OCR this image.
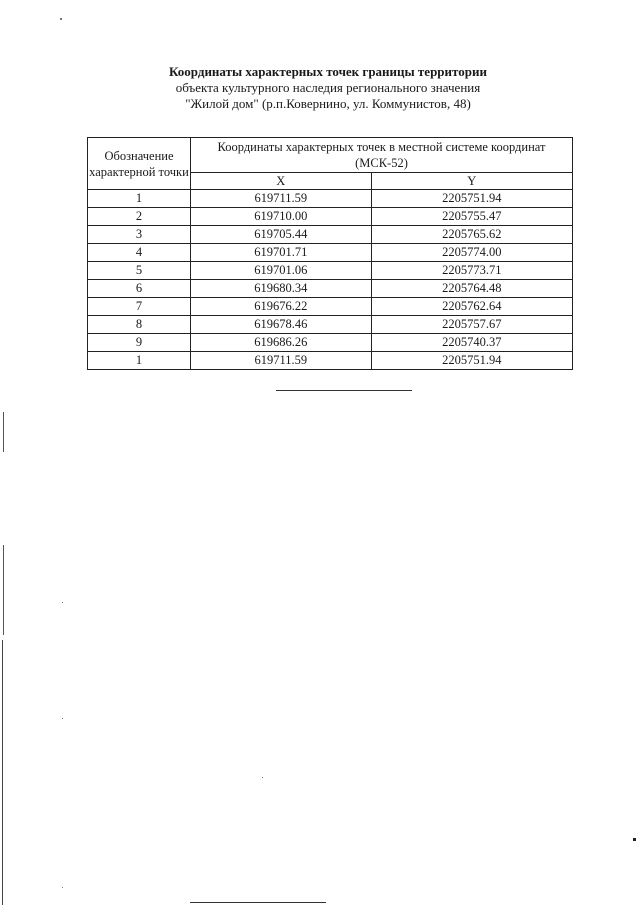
Координаты характерных точек границы территории
объекта культурного наследия регионального значения
"Жилой дом" (р.п.Ковернино, ул. Коммунистов, 48)
Обозначение характерной точки	Координаты характерных точек в местной системе координат (МСК-52)	
	X	Y
1	619711.59	2205751.94
2	619710.00	2205755.47
3	619705.44	2205765.62
4	619701.71	2205774.00
5	619701.06	2205773.71
6	619680.34	2205764.48
7	619676.22	2205762.64
8	619678.46	2205757.67
9	619686.26	2205740.37
1	619711.59	2205751.94
